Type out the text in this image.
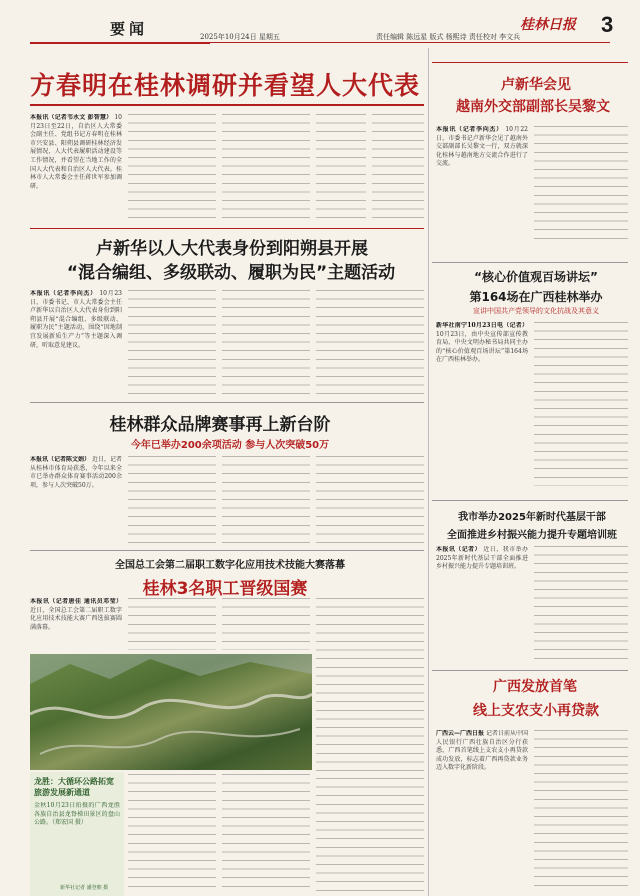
要闻	2025年10月24日 星期五	责任编辑 陈远星 版式 杨熙诗 责任校对 李文兵
桂林日报 3
方春明在桂林调研并看望人大代表
本报讯（记者韦永文 彭智慧） 10月23日至22日，自治区人大常委会副主任、党组书记方春明在桂林市兴安县、阳朔县调研桂林经济发展情况，人大代表履职活动建设等工作情况，并看望在当地工作的全国人大代表和自治区人大代表。桂林市人大常委会主任蒋世军参加调研。
卢新华以人大代表身份到阳朔县开展
“混合编组、多级联动、履职为民”主题活动
本报讯（记者李向杰） 10月23日，市委书记、市人大常委会主任卢新华以自治区人大代表身份到阳朔县开展“混合编组、多级联动、履职为民”主题活动，围绕“因地制宜发展新质生产力”等主题深入调研，听取意见建议。
桂林群众品牌赛事再上新台阶
今年已举办200余项活动 参与人次突破50万
本报讯（记者陈文娟） 近日，记者从桂林市体育局获悉，今年以来全市已举办群众体育赛事活动200余项，参与人次突破50万。
全国总工会第二届职工数字化应用技术技能大赛落幕
桂林3名职工晋级国赛
本报讯（记者唐佳 通讯员邓莹） 近日，全国总工会第二届职工数字化应用技术技能大赛广西选拔赛圆满落幕。
龙胜：大循环公路拓宽 旅游发展新通道
金秋10月23日拍摄的广西龙胜各族自治县龙脊梯田景区的盘山公路。（郑宏国 摄）
新华社记者 潘登朝 摄
卢新华会见
越南外交部副部长吴黎文
本报讯（记者李向杰） 10月22日，市委书记卢新华会见了越南外交部副部长吴黎文一行，双方就深化桂林与越南地方交流合作进行了交流。
“核心价值观百场讲坛”
第164场在广西桂林举办
宣讲中国共产党领导的文化抗战及其意义
新华社南宁10月23日电（记者） 10月23日，由中央宣传部宣传教育局、中央文明办秘书局共同主办的“核心价值观百场讲坛”第164场在广西桂林举办。
我市举办2025年新时代基层干部
全面推进乡村振兴能力提升专题培训班
本报讯（记者） 近日，我市举办2025年新时代基层干部全面推进乡村振兴能力提升专题培训班。
广西发放首笔
线上支农支小再贷款
广西云—广西日报 记者日前从中国人民银行广西壮族自治区分行获悉，广西首笔线上支农支小再贷款成功发放，标志着广西再贷款业务迈入数字化新阶段。
